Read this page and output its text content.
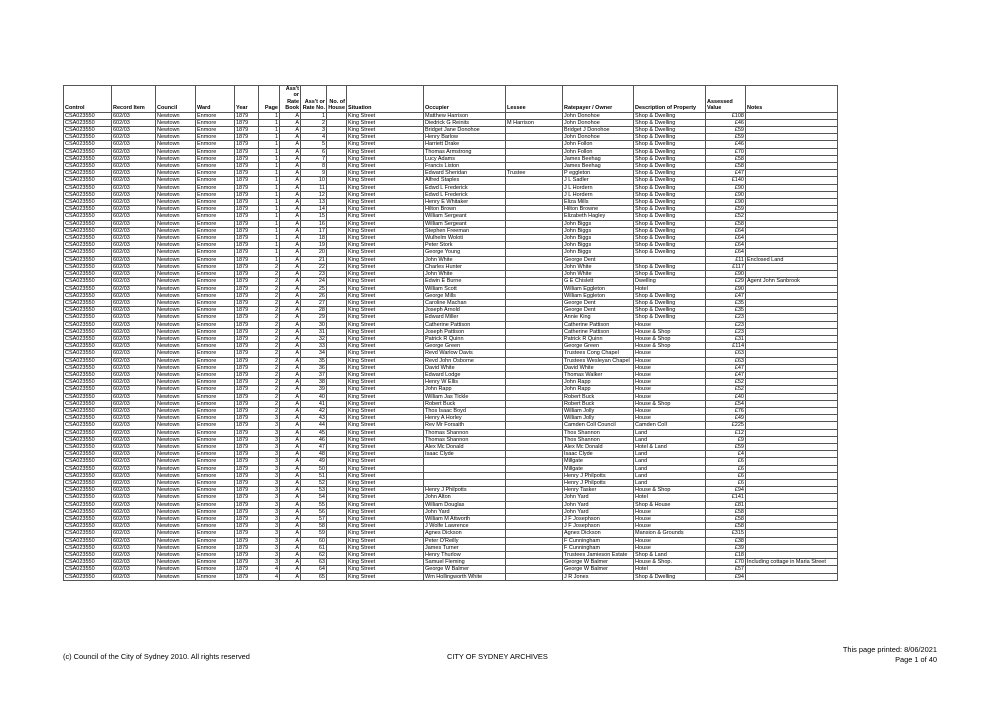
Control	Record Item	Council	Ward	Year	Page	Ass't or Rate Book	Ass't or Rate No.	No. of House	Situation	Occupier	Lessee	Ratepayer / Owner	Description of Property	Assessed Value	Notes
CSA023550	602/03	Newtown	Enmore	1879	1	A	1		King Street	Matthew Harrison		John Donohoe	Shop & Dwelling	£108	
CSA023550	602/03	Newtown	Enmore	1879	1	A	2		King Street	Diedrick G Reinits	M Harrison	John Donohoe	Shop & Dwelling	£46	
CSA023550	602/03	Newtown	Enmore	1879	1	A	3		King Street	Bridget Jane Donohoe		Bridget J Donohoe	Shop & Dwelling	£59	
CSA023550	602/03	Newtown	Enmore	1879	1	A	4		King Street	Henry Barlow		John Donohoe	Shop & Dwelling	£59	
CSA023550	602/03	Newtown	Enmore	1879	1	A	5		King Street	Harriett Drake		John Follon	Shop & Dwelling	£46	
CSA023550	602/03	Newtown	Enmore	1879	1	A	6		King Street	Thomas Armstrong		John Follon	Shop & Dwelling	£70	
CSA023550	602/03	Newtown	Enmore	1879	1	A	7		King Street	Lucy Adams		James Beehag	Shop & Dwelling	£58	
CSA023550	602/03	Newtown	Enmore	1879	1	A	8		King Street	Francis Liston		James Beehag	Shop & Dwelling	£58	
CSA023550	602/03	Newtown	Enmore	1879	1	A	9		King Street	Edward Sheridan	Trustee	P eggleton	Shop & Dwelling	£47	
CSA023550	602/03	Newtown	Enmore	1879	1	A	10		King Street	Alfred Staples		J L Sadler	Shop & Dwelling	£140	
CSA023550	602/03	Newtown	Enmore	1879	1	A	11		King Street	Edwd L Frederick		J L Hordern	Shop & Dwelling	£90	
CSA023550	602/03	Newtown	Enmore	1879	1	A	12		King Street	Edwd L Frederick		J L Hordern	Shop & Dwelling	£90	
CSA023550	602/03	Newtown	Enmore	1879	1	A	13		King Street	Henry E Whitaker		Eliza Mills	Shop & Dwelling	£90	
CSA023550	602/03	Newtown	Enmore	1879	1	A	14		King Street	Hilton Brown		Hilton Browne	Shop & Dwelling	£59	
CSA023550	602/03	Newtown	Enmore	1879	1	A	15		King Street	William Sergeant		Elizabeth Hagley	Shop & Dwelling	£52	
CSA023550	602/03	Newtown	Enmore	1879	1	A	16		King Street	William Sergeant		John Biggs	Shop & Dwelling	£58	
CSA023550	602/03	Newtown	Enmore	1879	1	A	17		King Street	Stephen Freeman		John Biggs	Shop & Dwelling	£64	
CSA023550	602/03	Newtown	Enmore	1879	1	A	18		King Street	Wulhelm Woloti		John Biggs	Shop & Dwelling	£64	
CSA023550	602/03	Newtown	Enmore	1879	1	A	19		King Street	Peter Stork		John Biggs	Shop & Dwelling	£64	
CSA023550	602/03	Newtown	Enmore	1879	1	A	20		King Street	George Young		John Biggs	Shop & Dwelling	£64	
CSA023550	602/03	Newtown	Enmore	1879	1	A	21		King Street	John White		George Dent		£11	Enclosed Land
CSA023550	602/03	Newtown	Enmore	1879	2	A	22		King Street	Charles Hunter		John White	Shop & Dwelling	£117	
CSA023550	602/03	Newtown	Enmore	1879	2	A	23		King Street	John White		John White	Shop & Dwelling	£90	
CSA023550	602/03	Newtown	Enmore	1879	2	A	24		King Street	Edwin E Burne		G E Chislett	Dwelling	£29	Agent John Sanbrook
CSA023550	602/03	Newtown	Enmore	1879	2	A	25		King Street	William Scott		William Eggleton	Hotel	£90	
CSA023550	602/03	Newtown	Enmore	1879	2	A	26		King Street	George Mills		William Eggleton	Shop & Dwelling	£47	
CSA023550	602/03	Newtown	Enmore	1879	2	A	27		King Street	Caroline Machan		George Dent	Shop & Dwelling	£35	
CSA023550	602/03	Newtown	Enmore	1879	2	A	28		King Street	Joseph Arnold		George Dent	Shop & Dwelling	£35	
CSA023550	602/03	Newtown	Enmore	1879	2	A	29		King Street	Edward Miller		Annie King	Shop & Dwelling	£23	
CSA023550	602/03	Newtown	Enmore	1879	2	A	30		King Street	Catherine Pattison		Catherine Pattison	House	£23	
CSA023550	602/03	Newtown	Enmore	1879	2	A	31		King Street	Joseph Pattison		Catherine Pattison	House & Shop	£23	
CSA023550	602/03	Newtown	Enmore	1879	2	A	32		King Street	Patrick R Quinn		Patrick R Quinn	House & Shop	£31	
CSA023550	602/03	Newtown	Enmore	1879	2	A	33		King Street	George Green		George Green	House & Shop	£114	
CSA023550	602/03	Newtown	Enmore	1879	2	A	34		King Street	Revd Warlow Davis		Trustees Cong Chapel	House	£63	
CSA023550	602/03	Newtown	Enmore	1879	2	A	35		King Street	Revd John Osborne		Trustees Wesleyan Chapel	House	£63	
CSA023550	602/03	Newtown	Enmore	1879	2	A	36		King Street	David White		David White	House	£47	
CSA023550	602/03	Newtown	Enmore	1879	2	A	37		King Street	Edward Lodge		Thomas Walker	House	£47	
CSA023550	602/03	Newtown	Enmore	1879	2	A	38		King Street	Henry W Ellis		John Rapp	House	£52	
CSA023550	602/03	Newtown	Enmore	1879	2	A	39		King Street	John Rapp		John Rapp	House	£52	
CSA023550	602/03	Newtown	Enmore	1879	2	A	40		King Street	William Jas Tickle		Robert Buck	House	£40	
CSA023550	602/03	Newtown	Enmore	1879	2	A	41		King Street	Robert Buck		Robert Buck	House & Shop	£54	
CSA023550	602/03	Newtown	Enmore	1879	2	A	42		King Street	Thos Isaac Boyd		William Jolly	House	£76	
CSA023550	602/03	Newtown	Enmore	1879	3	A	43		King Street	Henry A Horley		William Jolly	House	£49	
CSA023550	602/03	Newtown	Enmore	1879	3	A	44		King Street	Rev Mr Forsaith		Camden Coll Council	Camden Coll	£225	
CSA023550	602/03	Newtown	Enmore	1879	3	A	45		King Street	Thomas Shannon		Thos Shannon	Land	£12	
CSA023550	602/03	Newtown	Enmore	1879	3	A	46		King Street	Thomas Shannon		Thos Shannon	Land	£9	
CSA023550	602/03	Newtown	Enmore	1879	3	A	47		King Street	Alex Mc Donald		Alex Mc Donald	Hotel & Land	£59	
CSA023550	602/03	Newtown	Enmore	1879	3	A	48		King Street	Isaac Clyde		Isaac Clyde	Land	£4	
CSA023550	602/03	Newtown	Enmore	1879	3	A	49		King Street			Millgate	Land	£6	
CSA023550	602/03	Newtown	Enmore	1879	3	A	50		King Street			Millgate	Land	£6	
CSA023550	602/03	Newtown	Enmore	1879	3	A	51		King Street			Henry J Philpotts	Land	£6	
CSA023550	602/03	Newtown	Enmore	1879	3	A	52		King Street			Henry J Philpotts	Land	£6	
CSA023550	602/03	Newtown	Enmore	1879	3	A	53		King Street	Henry J Philpotts		Henry Tasker	House & Shop	£94	
CSA023550	602/03	Newtown	Enmore	1879	3	A	54		King Street	John Alton		John Yard	Hotel	£141	
CSA023550	602/03	Newtown	Enmore	1879	3	A	55		King Street	William Douglas		John Yard	Shop & House	£81	
CSA023550	602/03	Newtown	Enmore	1879	3	A	56		King Street	John Yard		John Yard	House	£58	
CSA023550	602/03	Newtown	Enmore	1879	3	A	57		King Street	William M Attworth		J F Josephson	House	£58	
CSA023550	602/03	Newtown	Enmore	1879	3	A	58		King Street	J Wolfe Lawrence		J F Josephson	House	£58	
CSA023550	602/03	Newtown	Enmore	1879	3	A	59		King Street	Agnes Dickson		Agnes Dickson	Mansion & Grounds	£315	
CSA023550	602/03	Newtown	Enmore	1879	3	A	60		King Street	Peter O'Reilly		F Cunningham	House	£38	
CSA023550	602/03	Newtown	Enmore	1879	3	A	61		King Street	James Turner		F Cunningham	House	£39	
CSA023550	602/03	Newtown	Enmore	1879	3	A	62		King Street	Henry Thurlow		Trustees Jamieson Estate	Shop & Land	£18	
CSA023550	602/03	Newtown	Enmore	1879	3	A	63		King Street	Samuel Fleming		George W Balmer	House & Shop.	£70	Including cottage in Maria Street
CSA023550	602/03	Newtown	Enmore	1879	4	A	64		King Street	George W Balmer		George W Balmer	Hotel	£57	
CSA023550	602/03	Newtown	Enmore	1879	4	A	65		King Street	Wm Hollingworth White		J R Jones	Shop & Dwelling	£94	
(c) Council of the City of Sydney 2010. All rights reserved	CITY OF SYDNEY ARCHIVES
This page printed: 8/06/2021
Page 1 of 40
